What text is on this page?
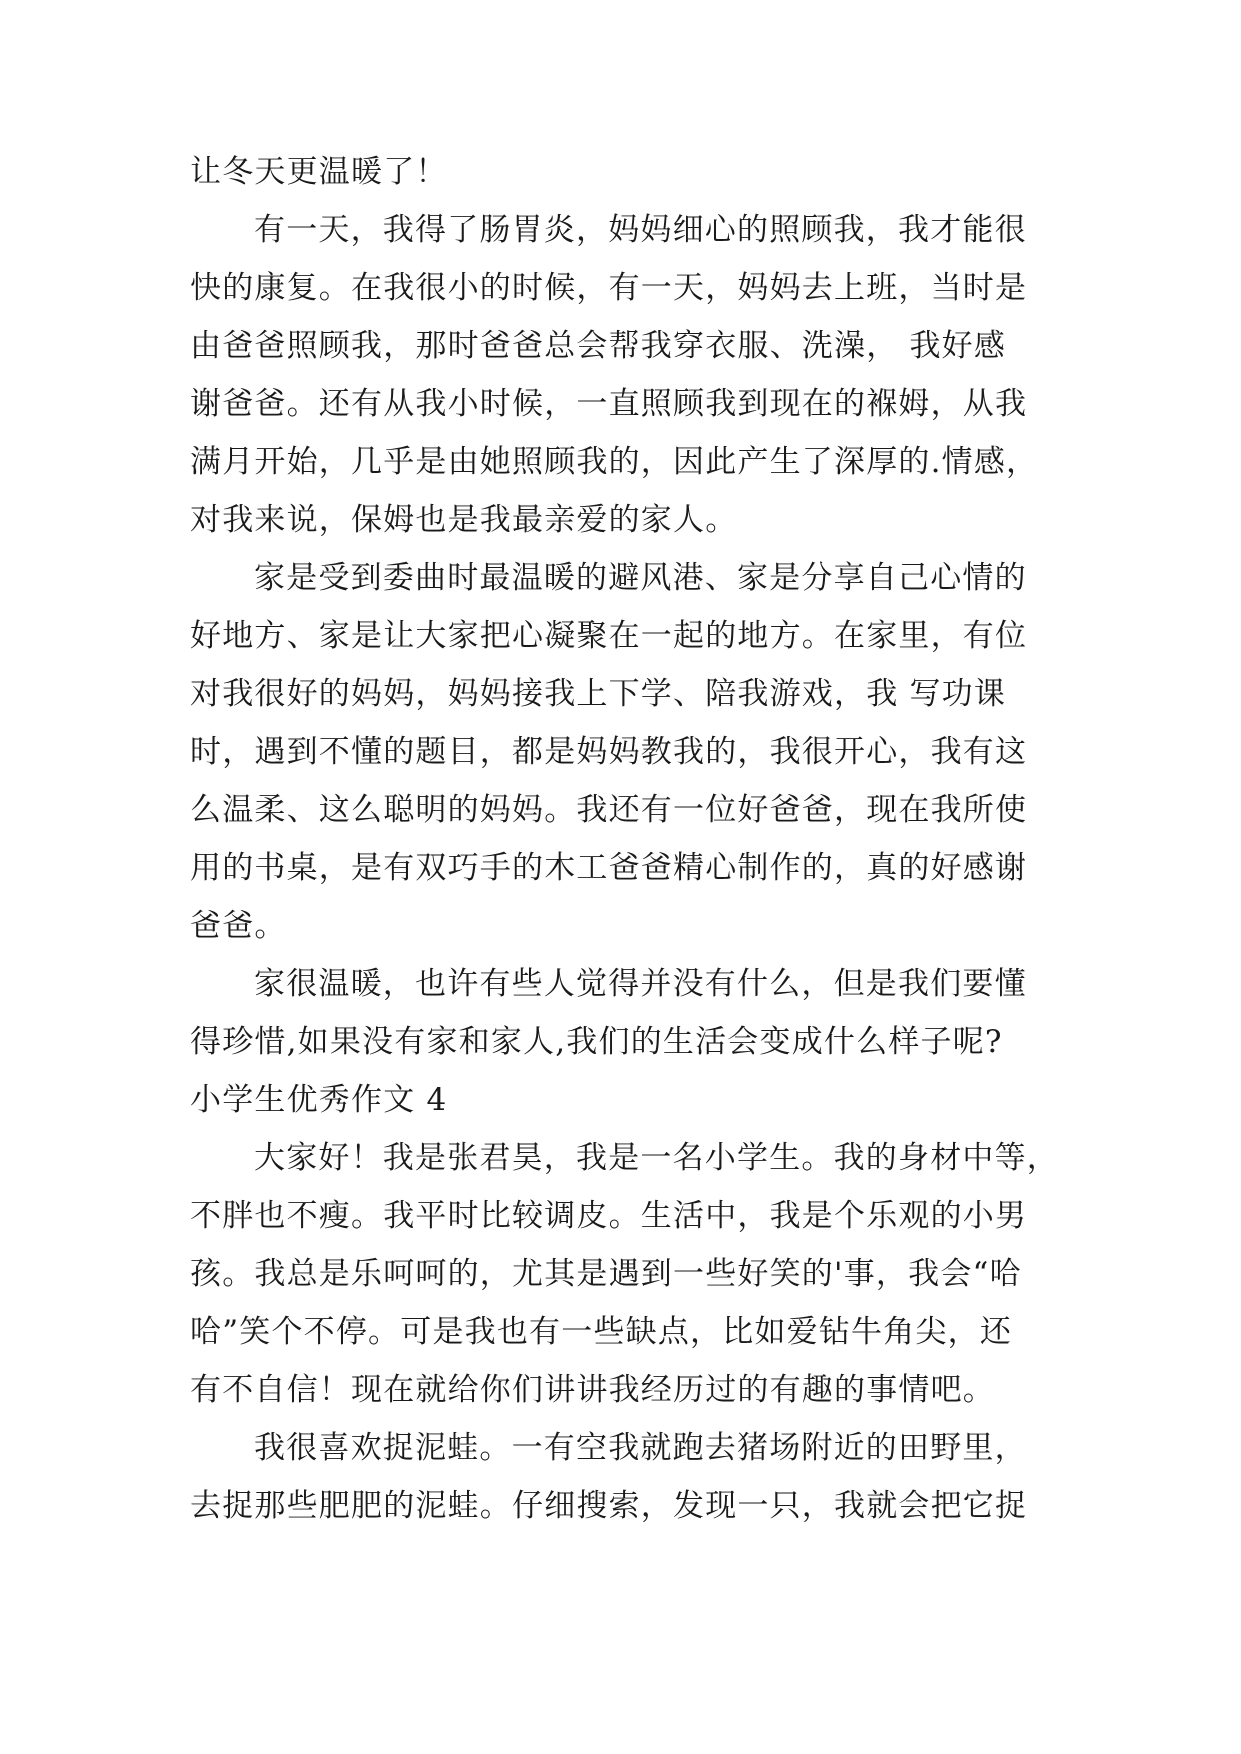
让冬天更温暖了！
有一天，我得了肠胃炎，妈妈细心的照顾我，我才能很
快的康复。在我很小的时候，有一天，妈妈去上班，当时是
由爸爸照顾我，那时爸爸总会帮我穿衣服、洗澡， 我好感
谢爸爸。还有从我小时候，一直照顾我到现在的褓姆，从我
满月开始，几乎是由她照顾我的，因此产生了深厚的.情感，
对我来说，保姆也是我最亲爱的家人。
家是受到委曲时最温暖的避风港、家是分享自己心情的
好地方、家是让大家把心凝聚在一起的地方。在家里，有位
对我很好的妈妈，妈妈接我上下学、陪我游戏，我 写功课
时，遇到不懂的题目，都是妈妈教我的，我很开心，我有这
么温柔、这么聪明的妈妈。我还有一位好爸爸，现在我所使
用的书桌，是有双巧手的木工爸爸精心制作的，真的好感谢
爸爸。
家很温暖，也许有些人觉得并没有什么，但是我们要懂
得珍惜,如果没有家和家人,我们的生活会变成什么样子呢?
小学生优秀作文 4
大家好！我是张君昊，我是一名小学生。我的身材中等，
不胖也不瘦。我平时比较调皮。生活中，我是个乐观的小男
孩。我总是乐呵呵的，尤其是遇到一些好笑的'事，我会“哈
哈”笑个不停。可是我也有一些缺点，比如爱钻牛角尖，还
有不自信！现在就给你们讲讲我经历过的有趣的事情吧。
我很喜欢捉泥蛙。一有空我就跑去猪场附近的田野里，
去捉那些肥肥的泥蛙。仔细搜索，发现一只，我就会把它捉
